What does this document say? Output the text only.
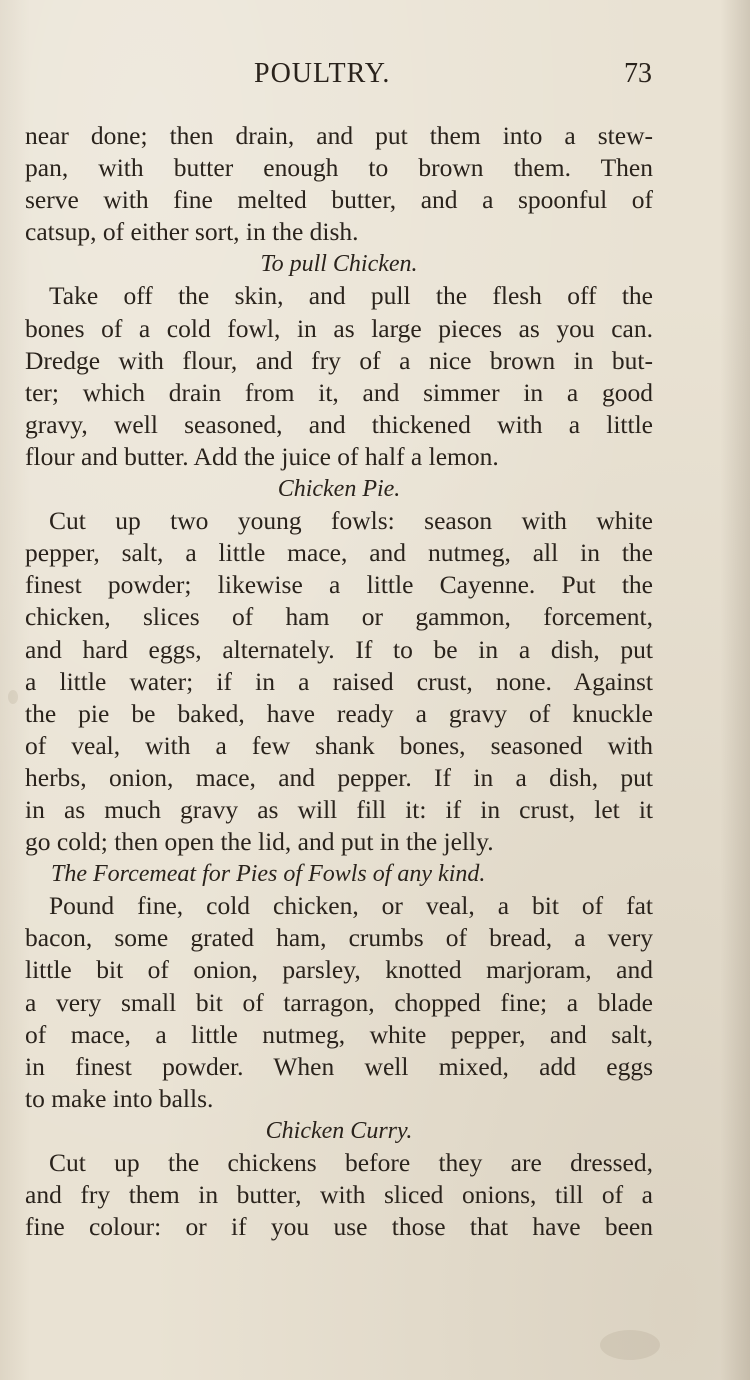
POULTRY.	73
near done; then drain, and put them into a stew-
pan, with butter enough to brown them. Then
serve with fine melted butter, and a spoonful of
catsup, of either sort, in the dish.
To pull Chicken.
Take off the skin, and pull the flesh off the
bones of a cold fowl, in as large pieces as you can.
Dredge with flour, and fry of a nice brown in but-
ter; which drain from it, and simmer in a good
gravy, well seasoned, and thickened with a little
flour and butter. Add the juice of half a lemon.
Chicken Pie.
Cut up two young fowls: season with white
pepper, salt, a little mace, and nutmeg, all in the
finest powder; likewise a little Cayenne. Put the
chicken, slices of ham or gammon, forcement,
and hard eggs, alternately. If to be in a dish, put
a little water; if in a raised crust, none. Against
the pie be baked, have ready a gravy of knuckle
of veal, with a few shank bones, seasoned with
herbs, onion, mace, and pepper. If in a dish, put
in as much gravy as will fill it: if in crust, let it
go cold; then open the lid, and put in the jelly.
The Forcemeat for Pies of Fowls of any kind.
Pound fine, cold chicken, or veal, a bit of fat
bacon, some grated ham, crumbs of bread, a very
little bit of onion, parsley, knotted marjoram, and
a very small bit of tarragon, chopped fine; a blade
of mace, a little nutmeg, white pepper, and salt,
in finest powder. When well mixed, add eggs
to make into balls.
Chicken Curry.
Cut up the chickens before they are dressed,
and fry them in butter, with sliced onions, till of a
fine colour: or if you use those that have been
